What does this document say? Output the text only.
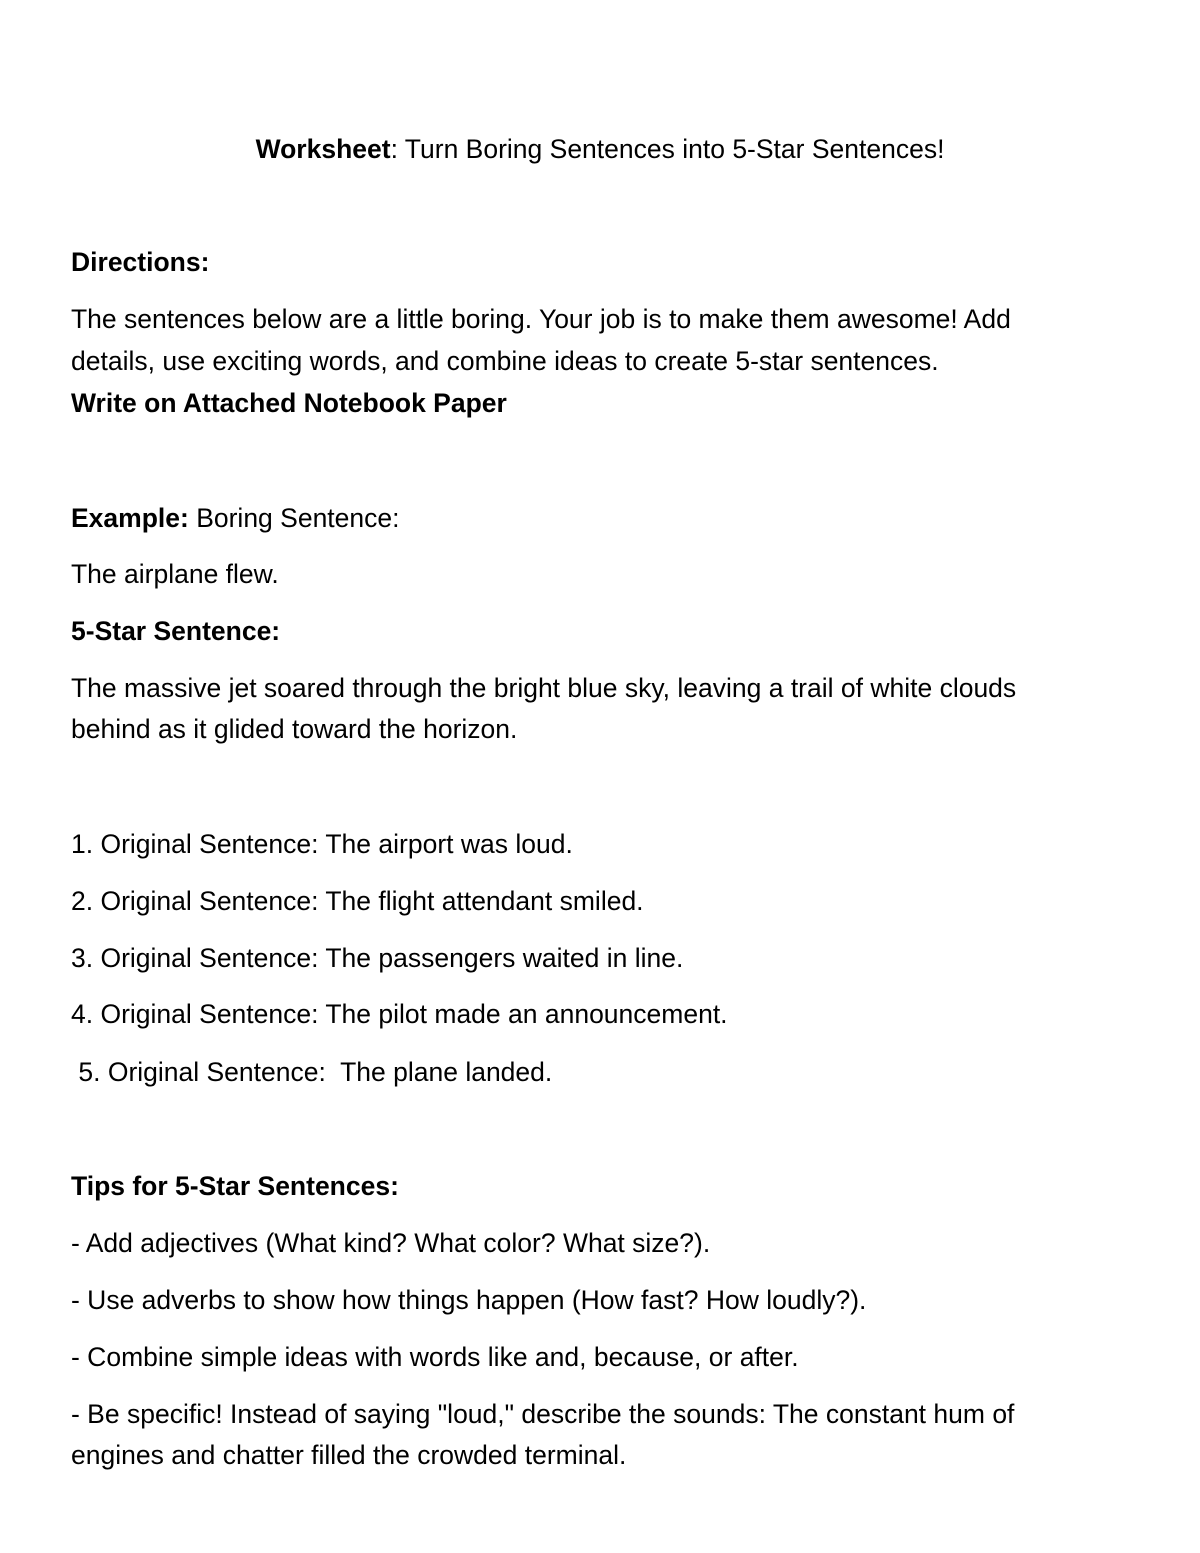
Worksheet: Turn Boring Sentences into 5-Star Sentences!
Directions:
The sentences below are a little boring. Your job is to make them awesome! Add
details, use exciting words, and combine ideas to create 5-star sentences.
Write on Attached Notebook Paper
Example: Boring Sentence:
The airplane flew.
5-Star Sentence:
The massive jet soared through the bright blue sky, leaving a trail of white clouds
behind as it glided toward the horizon.
1. Original Sentence: The airport was loud.
2. Original Sentence: The flight attendant smiled.
3. Original Sentence: The passengers waited in line.
4. Original Sentence: The pilot made an announcement.
5. Original Sentence:  The plane landed.
Tips for 5-Star Sentences:
- Add adjectives (What kind? What color? What size?).
- Use adverbs to show how things happen (How fast? How loudly?).
- Combine simple ideas with words like and, because, or after.
- Be specific! Instead of saying "loud," describe the sounds: The constant hum of
engines and chatter filled the crowded terminal.
